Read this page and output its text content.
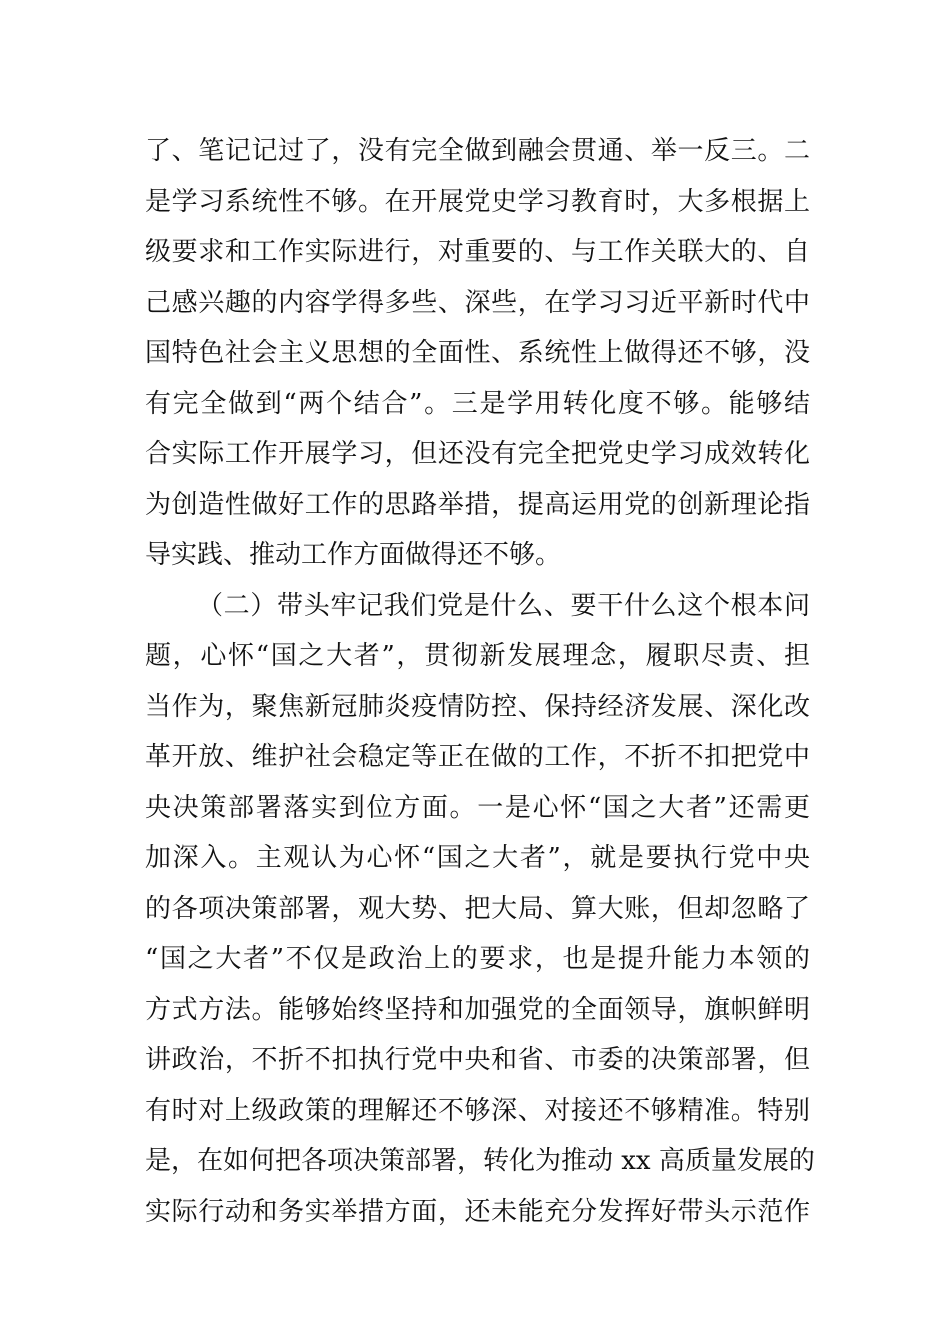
了、笔记记过了，没有完全做到融会贯通、举一反三。二
是学习系统性不够。在开展党史学习教育时，大多根据上
级要求和工作实际进行，对重要的、与工作关联大的、自
己感兴趣的内容学得多些、深些，在学习习近平新时代中
国特色社会主义思想的全面性、系统性上做得还不够，没
有完全做到“两个结合”。三是学用转化度不够。能够结
合实际工作开展学习，但还没有完全把党史学习成效转化
为创造性做好工作的思路举措，提高运用党的创新理论指
导实践、推动工作方面做得还不够。
（二）带头牢记我们党是什么、要干什么这个根本问
题，心怀“国之大者”，贯彻新发展理念，履职尽责、担
当作为，聚焦新冠肺炎疫情防控、保持经济发展、深化改
革开放、维护社会稳定等正在做的工作，不折不扣把党中
央决策部署落实到位方面。一是心怀“国之大者”还需更
加深入。主观认为心怀“国之大者”，就是要执行党中央
的各项决策部署，观大势、把大局、算大账，但却忽略了
“国之大者”不仅是政治上的要求，也是提升能力本领的
方式方法。能够始终坚持和加强党的全面领导，旗帜鲜明
讲政治，不折不扣执行党中央和省、市委的决策部署，但
有时对上级政策的理解还不够深、对接还不够精准。特别
是，在如何把各项决策部署，转化为推动 xx 高质量发展的
实际行动和务实举措方面，还未能充分发挥好带头示范作
